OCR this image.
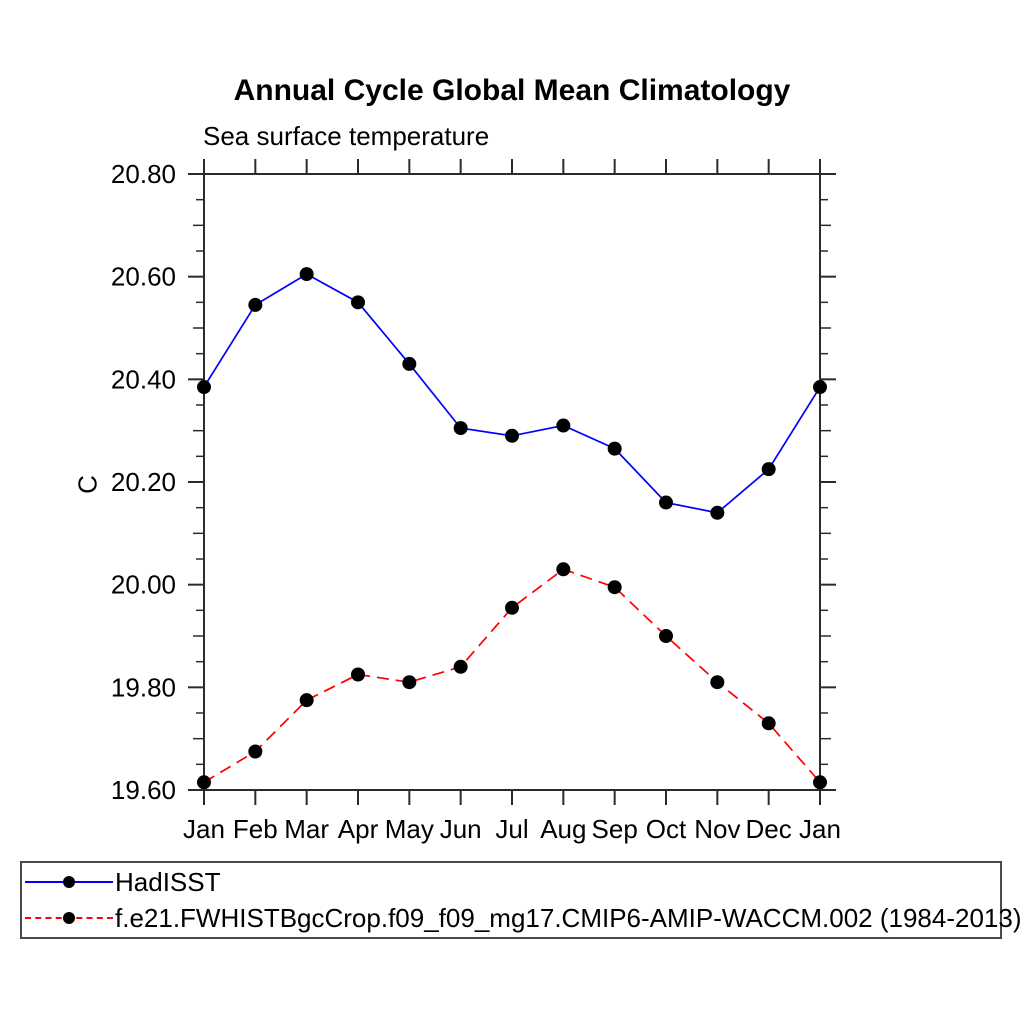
Annual Cycle Global Mean Climatology
Sea surface temperature
C
Jan Feb Mar Apr May Jun Jul Aug Sep Oct Nov Dec Jan
19.60
19.80
20.00
20.20
20.40
20.60
20.80
HadISST
f.e21.FWHISTBgcCrop.f09_f09_mg17.CMIP6-AMIP-WACCM.002 (1984-2013)
